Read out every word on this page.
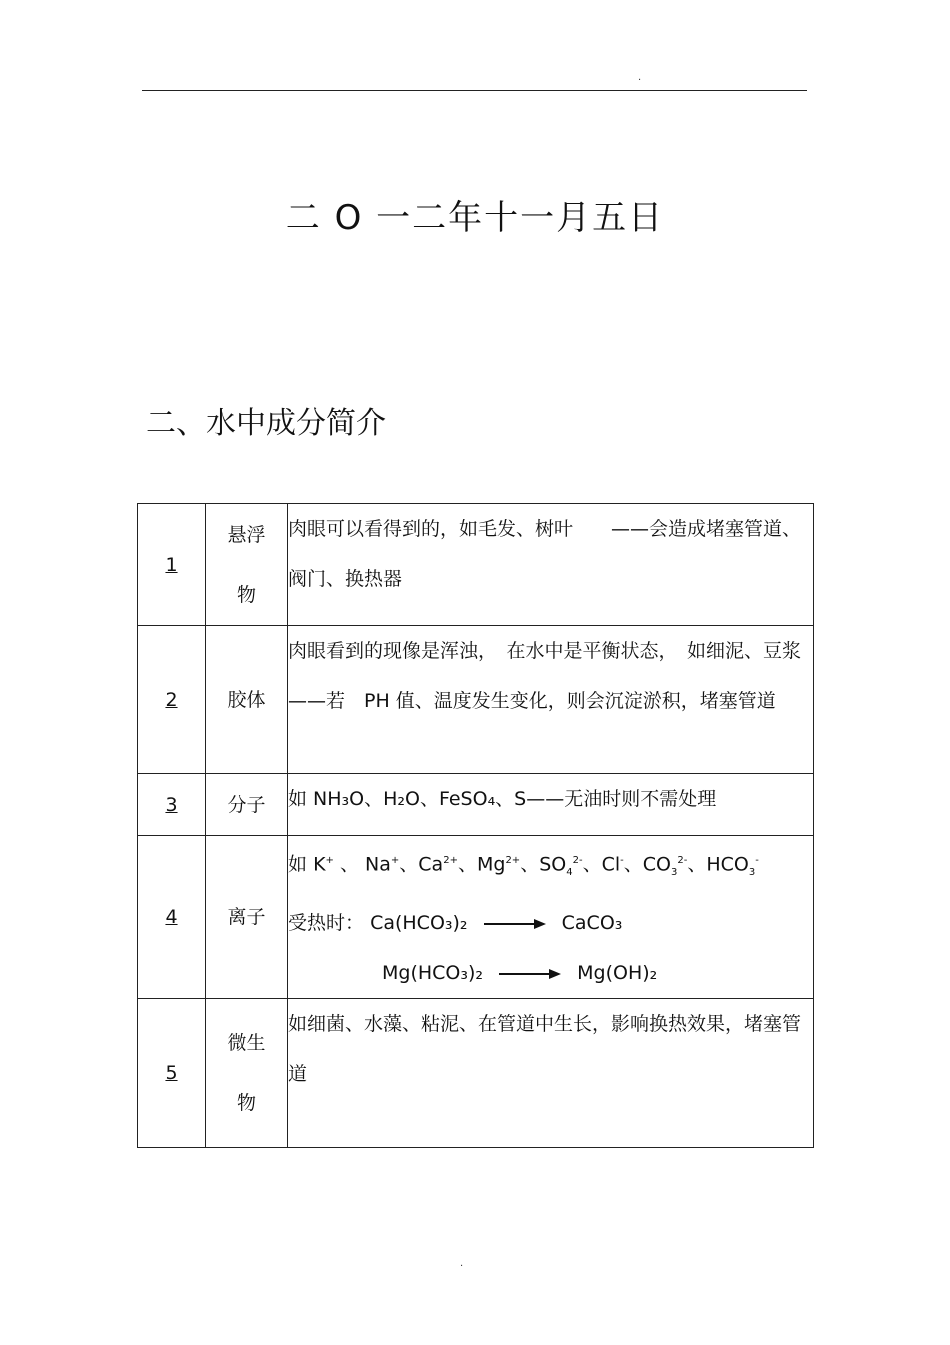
.
二 O 一二年十一月五日
二、水中成分简介
1	悬浮物	肉眼可以看得到的，如毛发、树叶　　——会造成堵塞管道、阀门、换热器
2	胶体	肉眼看到的现像是浑浊，　在水中是平衡状态，　如细泥、豆浆——若　PH 值、温度发生变化，则会沉淀淤积，堵塞管道
3	分子	如 NH₃O、H₂O、FeSO₄、S——无油时则不需处理
4	离子	如 K+ 、 Na+、$Ca^{2+}$、$Mg^{2+}$、$SO_4^{2-}$、Cl-、$CO_3^{2-}$、$HCO_3^-$
受热时： Ca(HCO₃)₂ CaCO₃
Mg(HCO₃)₂ Mg(OH)₂

5	微生物	如细菌、水藻、粘泥、在管道中生长，影响换热效果，堵塞管道
.
